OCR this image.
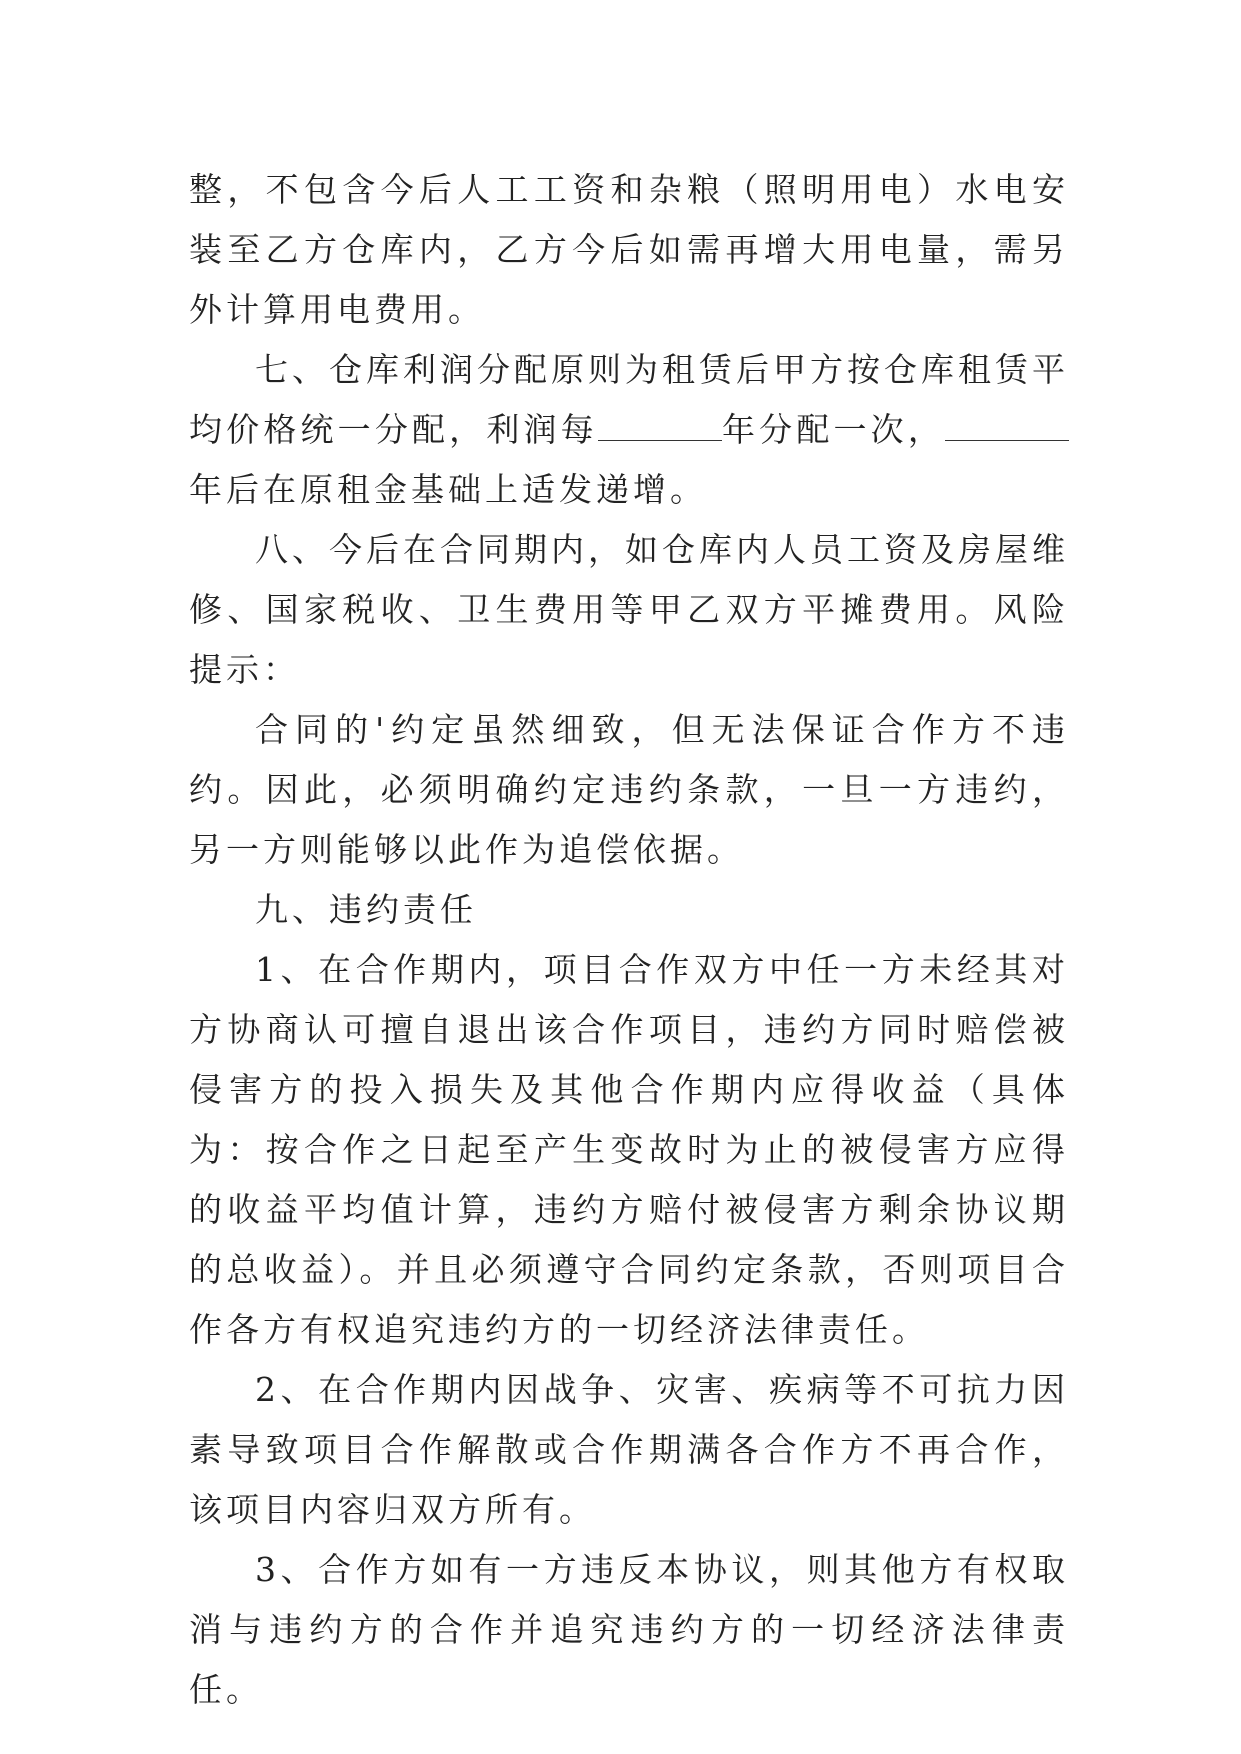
整，不包含今后人工工资和杂粮（照明用电）水电安装至乙方仓库内，乙方今后如需再增大用电量，需另外计算用电费用。

七、仓库利润分配原则为租赁后甲方按仓库租赁平均价格统一分配，利润每	年分配一次，年后在原租金基础上适发递增。

八、今后在合同期内，如仓库内人员工资及房屋维修、国家税收、卫生费用等甲乙双方平摊费用。风险提示：

合同的'约定虽然细致，但无法保证合作方不违约。因此，必须明确约定违约条款，一旦一方违约，另一方则能够以此作为追偿依据。

九、违约责任

1、在合作期内，项目合作双方中任一方未经其对方协商认可擅自退出该合作项目，违约方同时赔偿被侵害方的投入损失及其他合作期内应得收益（具体为：按合作之日起至产生变故时为止的被侵害方应得的收益平均值计算，违约方赔付被侵害方剩余协议期的总收益）。并且必须遵守合同约定条款，否则项目合作各方有权追究违约方的一切经济法律责任。

2、在合作期内因战争、灾害、疾病等不可抗力因素导致项目合作解散或合作期满各合作方不再合作，该项目内容归双方所有。

3、合作方如有一方违反本协议，则其他方有权取消与违约方的合作并追究违约方的一切经济法律责任。
